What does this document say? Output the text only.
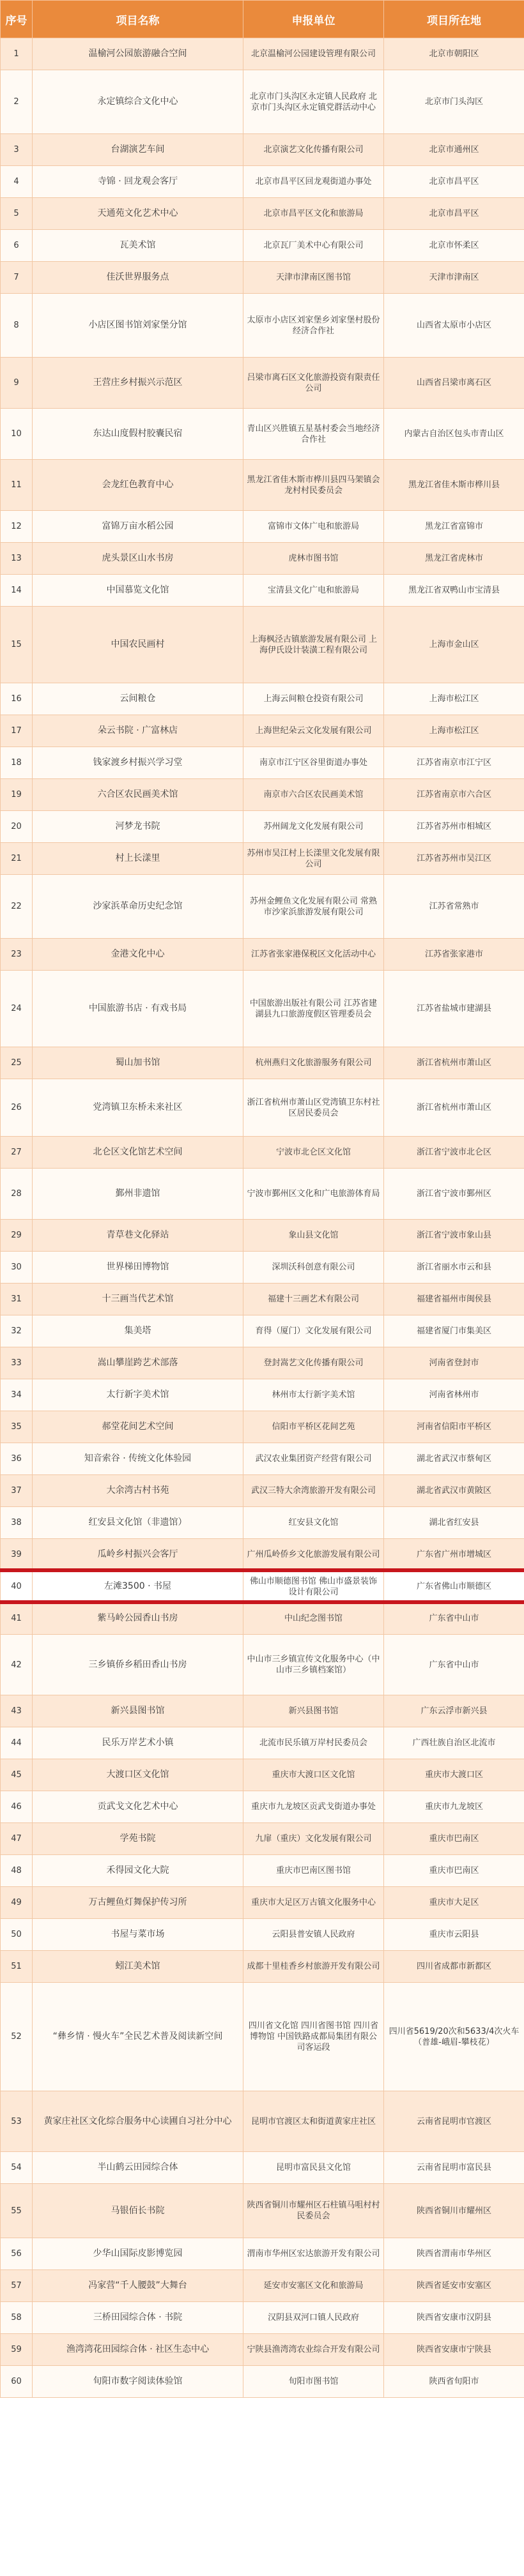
序号	项目名称	申报单位	项目所在地
1	温榆河公园旅游融合空间	北京温榆河公园建设管理有限公司	北京市朝阳区
2	永定镇综合文化中心	北京市门头沟区永定镇人民政府 北京市门头沟区永定镇党群活动中心	北京市门头沟区
3	台湖演艺车间	北京演艺文化传播有限公司	北京市通州区
4	寺锦 · 回龙观会客厅	北京市昌平区回龙观街道办事处	北京市昌平区
5	天通苑文化艺术中心	北京市昌平区文化和旅游局	北京市昌平区
6	瓦美术馆	北京瓦厂美术中心有限公司	北京市怀柔区
7	佳沃世界服务点	天津市津南区图书馆	天津市津南区
8	小店区图书馆刘家堡分馆	太原市小店区刘家堡乡刘家堡村股份经济合作社	山西省太原市小店区
9	王营庄乡村振兴示范区	吕梁市离石区文化旅游投资有限责任公司	山西省吕梁市离石区
10	东达山度假村胶囊民宿	青山区兴胜镇五星基村委会当地经济合作社	内蒙古自治区包头市青山区
11	会龙红色教育中心	黑龙江省佳木斯市桦川县四马架镇会龙村村民委员会	黑龙江省佳木斯市桦川县
12	富锦万亩水稻公园	富锦市文体广电和旅游局	黑龙江省富锦市
13	虎头景区山水书房	虎林市图书馆	黑龙江省虎林市
14	中国慕览文化馆	宝清县文化广电和旅游局	黑龙江省双鸭山市宝清县
15	中国农民画村	上海枫泾古镇旅游发展有限公司 上海伊氏设计装潢工程有限公司	上海市金山区
16	云间粮仓	上海云间粮仓投资有限公司	上海市松江区
17	朵云书院 · 广富林店	上海世纪朵云文化发展有限公司	上海市松江区
18	钱家渡乡村振兴学习堂	南京市江宁区谷里街道办事处	江苏省南京市江宁区
19	六合区农民画美术馆	南京市六合区农民画美术馆	江苏省南京市六合区
20	河梦龙书院	苏州阔龙文化发展有限公司	江苏省苏州市相城区
21	村上长漾里	苏州市吴江村上长漾里文化发展有限公司	江苏省苏州市吴江区
22	沙家浜革命历史纪念馆	苏州金鲤鱼文化发展有限公司 常熟市沙家浜旅游发展有限公司	江苏省常熟市
23	金港文化中心	江苏省张家港保税区文化活动中心	江苏省张家港市
24	中国旅游书店 · 有戏书局	中国旅游出版社有限公司 江苏省建湖县九口旅游度假区管理委员会	江苏省盐城市建湖县
25	蜀山加书馆	杭州燕归文化旅游服务有限公司	浙江省杭州市萧山区
26	党湾镇卫东桥未来社区	浙江省杭州市萧山区党湾镇卫东村社区居民委员会	浙江省杭州市萧山区
27	北仑区文化馆艺术空间	宁波市北仑区文化馆	浙江省宁波市北仑区
28	鄞州非遗馆	宁波市鄞州区文化和广电旅游体育局	浙江省宁波市鄞州区
29	青草巷文化驿站	象山县文化馆	浙江省宁波市象山县
30	世界梯田博物馆	深圳沃科创意有限公司	浙江省丽水市云和县
31	十三画当代艺术馆	福建十三画艺术有限公司	福建省福州市闽侯县
32	集美塔	育得（厦门）文化发展有限公司	福建省厦门市集美区
33	嵩山攀崖跨艺术部落	登封嵩艺文化传播有限公司	河南省登封市
34	太行新字美术馆	林州市太行新字美术馆	河南省林州市
35	郝堂花间艺术空间	信阳市平桥区花间艺苑	河南省信阳市平桥区
36	知音索谷 · 传统文化体验园	武汉农业集团资产经营有限公司	湖北省武汉市蔡甸区
37	大余湾古村书苑	武汉三特大余湾旅游开发有限公司	湖北省武汉市黄陂区
38	红安县文化馆（非遗馆）	红安县文化馆	湖北省红安县
39	瓜岭乡村振兴会客厅	广州瓜岭侨乡文化旅游发展有限公司	广东省广州市增城区
40	左滩3500 · 书屋	佛山市顺德图书馆 佛山市盛景装饰设计有限公司	广东省佛山市顺德区
41	紫马岭公园香山书房	中山纪念图书馆	广东省中山市
42	三乡镇侨乡稻田香山书房	中山市三乡镇宣传文化服务中心（中山市三乡镇档案馆）	广东省中山市
43	新兴县图书馆	新兴县图书馆	广东云浮市新兴县
44	民乐万岸艺术小镇	北流市民乐镇万岸村民委员会	广西壮族自治区北流市
45	大渡口区文化馆	重庆市大渡口区文化馆	重庆市大渡口区
46	贡武戈文化艺术中心	重庆市九龙坡区贡武戈街道办事处	重庆市九龙坡区
47	学苑书院	九扉（重庆）文化发展有限公司	重庆市巴南区
48	禾得园文化大院	重庆市巴南区图书馆	重庆市巴南区
49	万古鲤鱼灯舞保护传习所	重庆市大足区万古镇文化服务中心	重庆市大足区
50	书屋与菜市场	云阳县普安镇人民政府	重庆市云阳县
51	蚓江美术馆	成都十里桂香乡村旅游开发有限公司	四川省成都市新都区
52	“彝乡情 · 慢火车”全民艺术普及阅读新空间	四川省文化馆 四川省图书馆 四川省博物馆 中国铁路成都局集团有限公司客运段	四川省5619/20次和5633/4次火车（普雄-峨眉-攀枝花）
53	黄家庄社区文化综合服务中心读圃自习社分中心	昆明市官渡区太和街道黄家庄社区	云南省昆明市官渡区
54	半山鹤云田园综合体	昆明市富民县文化馆	云南省昆明市富民县
55	马银佰长书院	陕西省铜川市耀州区石柱镇马咀村村民委员会	陕西省铜川市耀州区
56	少华山国际皮影博览园	渭南市华州区宏达旅游开发有限公司	陕西省渭南市华州区
57	冯家营“千人腰鼓”大舞台	延安市安塞区文化和旅游局	陕西省延安市安塞区
58	三桥田园综合体 · 书院	汉阴县双河口镇人民政府	陕西省安康市汉阴县
59	渔湾湾花田园综合体 · 社区生态中心	宁陕县渔湾湾农业综合开发有限公司	陕西省安康市宁陕县
60	旬阳市数字阅读体验馆	旬阳市图书馆	陕西省旬阳市
